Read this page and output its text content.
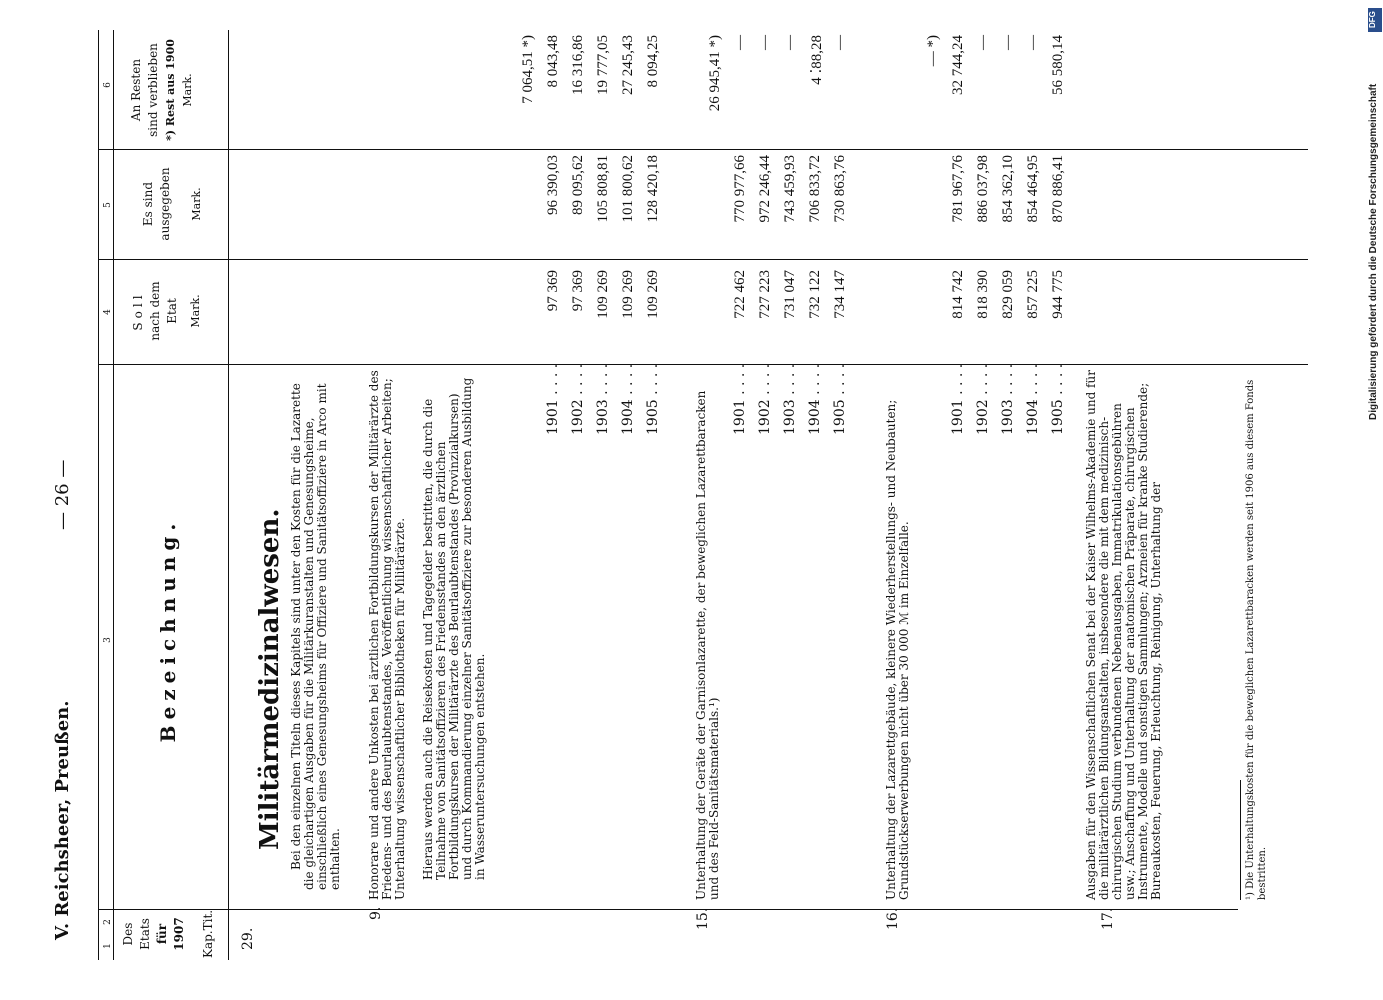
V. Reichsheer, Preußen.
— 26 —
1
2
3
4
5
6
Des Etats für 1907 Kap.
Tit.
Bezeichnung.
Soll nach dem Etat Mark.
Es sind ausgegeben Mark.
An Resten sind verblieben *) Rest aus 1900 Mark.
29.
Militärmedizinalwesen. Bei den einzelnen Titeln dieses Kapitels sind unter den Kosten für die Lazarette die gleichartigen Ausgaben für die Militärkuranstalten und Genesungsheime, einschließlich eines Genesungsheims für Offiziere und Sanitätsoffiziere in Arco mit enthalten.
9.
Honorare und andere Unkosten bei ärztlichen Fortbildungskursen der Militärärzte des Friedens- und des Beurlaubtenstandes, Veröffentlichung wissenschaftlicher Arbeiten; Unterhaltung wissenschaftlicher Bibliotheken für Militärärzte. Hieraus werden auch die Reisekosten und Tagegelder bestritten, die durch die Teilnahme von Sanitätsoffizieren des Friedensstandes an den ärztlichen Fortbildungskursen der Militärärzte des Beurlaubtenstandes (Provinzialkursen) und durch Kommandierung einzelner Sanitätsoffiziere zur besonderen Ausbildung in Wasseruntersuchungen entstehen.
1901 . . . . 1902 . . . . 1903 . . . . 1904 . . . . 1905 . . . .
97 369 97 369 109 269 109 269 109 269
96 390,03 89 095,62 105 808,81 101 800,62 128 420,18
7 064,51 *) 8 043,48 16 316,86 19 777,05 27 245,43 8 094,25
15.
Unterhaltung der Geräte der Garnisonlazarette, der beweglichen Lazarettbaracken und des Feld-Sanitätsmaterials.¹)
1901 . . . . 1902 . . . . 1903 . . . . 1904 . . . . 1905 . . . .
722 462 727 223 731 047 732 122 734 147
770 977,66 972 246,44 743 459,93 706 833,72 730 863,76
26 945,41 *) — — — 4 ⁚88,28 —
16.
Unterhaltung der Lazarettgebäude, kleinere Wiederherstellungs- und Neubauten; Grundstückserwerbungen nicht über 30 000 ℳ im Einzelfalle.
1901 . . . . 1902 . . . . 1903 . . . . 1904 . . . . 1905 . . . .
814 742 818 390 829 059 857 225 944 775
781 967,76 886 037,98 854 362,10 854 464,95 870 886,41
— *) 32 744,24 — — — 56 580,14
17.
Ausgaben für den Wissenschaftlichen Senat bei der Kaiser Wilhelms-Akademie und für die militärärztlichen Bildungsanstalten, insbesondere die mit dem medizinisch-chirurgischen Studium verbundenen Nebenausgaben, Immatrikulationsgebühren usw.; Anschaffung und Unterhaltung der anatomischen Präparate, chirurgischen Instrumente, Modelle und sonstigen Sammlungen; Arzneien für kranke Studierende; Bureaukosten, Feuerung, Erleuchtung, Reinigung, Unterhaltung der	¹) Die Unterhaltungskosten für die beweglichen Lazarettbaracken werden seit 1906 aus diesem Fonds bestritten.
DFG
Digitalisierung gefördert durch die Deutsche Forschungsgemeinschaft
